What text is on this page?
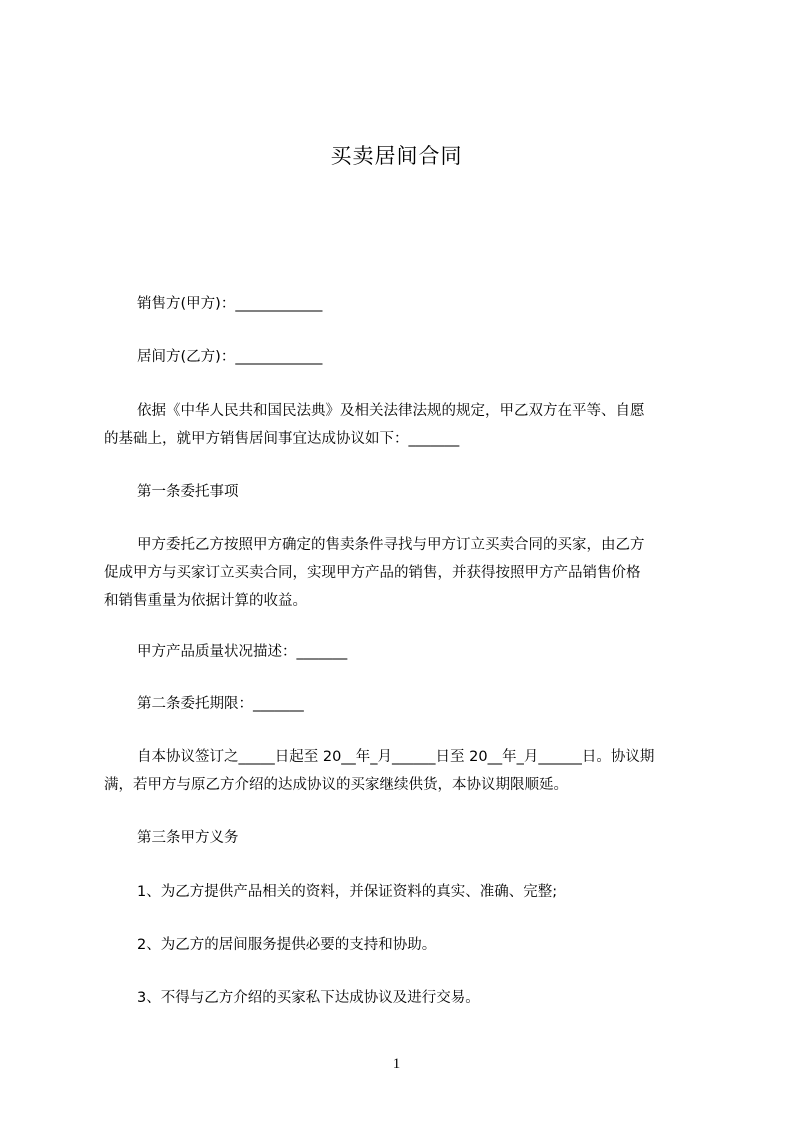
买卖居间合同
销售方(甲方)：____________
居间方(乙方)：____________
依据《中华人民共和国民法典》及相关法律法规的规定，甲乙双方在平等、自愿
的基础上，就甲方销售居间事宜达成协议如下：_______
第一条委托事项
甲方委托乙方按照甲方确定的售卖条件寻找与甲方订立买卖合同的买家，由乙方
促成甲方与买家订立买卖合同，实现甲方产品的销售，并获得按照甲方产品销售价格
和销售重量为依据计算的收益。
甲方产品质量状况描述：_______
第二条委托期限：_______
自本协议签订之_____日起至 20__年_月______日至 20__年_月______日。协议期
满，若甲方与原乙方介绍的达成协议的买家继续供货，本协议期限顺延。
第三条甲方义务
1、为乙方提供产品相关的资料，并保证资料的真实、准确、完整;
2、为乙方的居间服务提供必要的支持和协助。
3、不得与乙方介绍的买家私下达成协议及进行交易。
1
